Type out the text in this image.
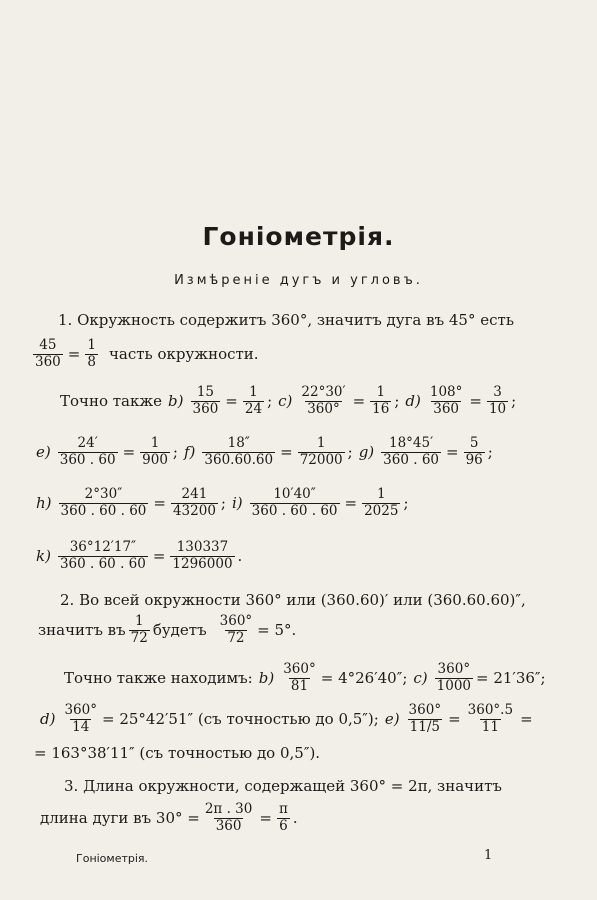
Гоніометрія.
Измѣреніе дугъ и угловъ.
1. Окружность содержитъ 360°, значитъ дуга въ 45° есть
$\frac{45}{360} = \frac{1}{8}$ часть окружности.
Точно также $b) \frac{15}{360} = \frac{1}{24}$ ; $c) \frac{22^\circ 30'}{360^\circ} = \frac{1}{16}$ ; $d) \frac{108^\circ}{360} = \frac{3}{10}$ ;
$e) \frac{24'}{360 . 60} = \frac{1}{900}$ ; $f) \frac{18''}{360.60.60} = \frac{1}{72000}$ ; $g) \frac{18^\circ 45'}{360 . 60} = \frac{5}{96}$ ;
$h) \frac{2^\circ 30''}{360 . 60 . 60} = \frac{241}{43200}$ ; $i) \frac{10'40''}{360 . 60 . 60} = \frac{1}{2025}$ ;
$k) \frac{36^\circ 12'17''}{360 . 60 . 60} = \frac{130337}{1296000}$ .
2. Во всей окружности 360° или (360.60)′ или (360.60.60)″,
значитъ въ $\frac{1}{72}$ будетъ $\frac{360^\circ}{72} = 5^\circ$.
Точно также находимъ: $b) \frac{360^\circ}{81} = 4^\circ 26'40''$; $c) \frac{360^\circ}{1000} = 21'36''$;
$d) \frac{360^\circ}{14} = 25^\circ 42'51''$ (съ точностью до 0,5″); $e) \frac{360^\circ}{11/5} = \frac{360^\circ.5}{11}$ =
= 163°38′11″ (съ точностью до 0,5″).
3. Длина окружности, содержащей 360° = 2π, значитъ
длина дуги въ $30^\circ = \frac{2\pi . 30}{360} = \frac{\pi}{6}$ .
Гоніометрія.	1
